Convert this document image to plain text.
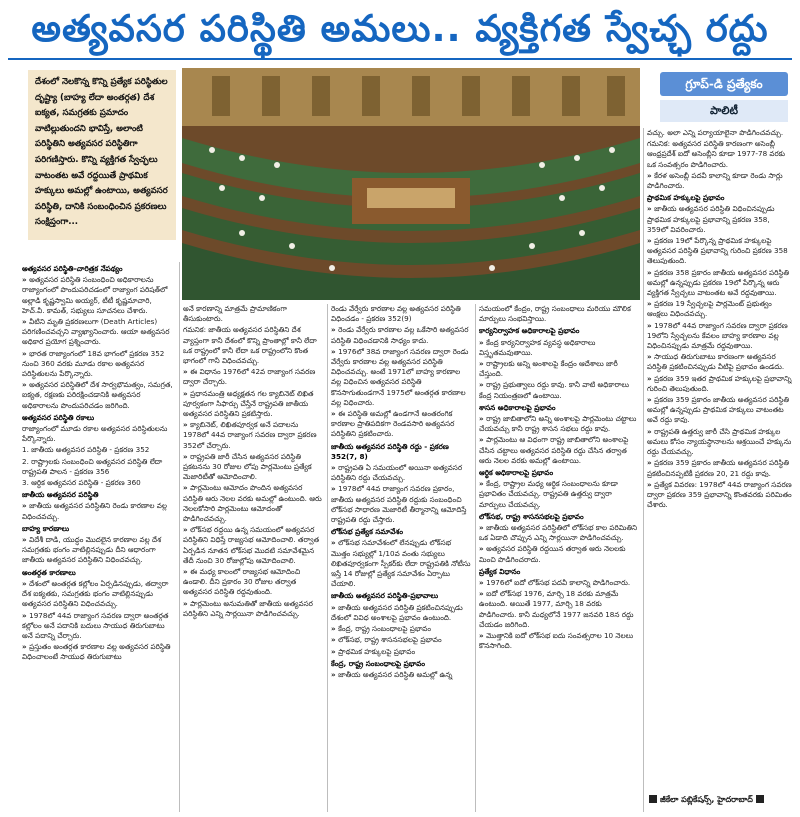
అత్యవసర పరిస్థితి అమలు.. వ్యక్తిగత స్వేచ్ఛ రద్దు
దేశంలో నెలకొన్న కొన్ని ప్రత్యేక పరిస్థితుల దృష్ట్యా (బాహ్య లేదా అంతర్గత) దేశ ఐక్యత, సమగ్రతకు ప్రమాదం వాటిల్లుతుందని భావిస్తే, అలాంటి పరిస్థితిని అత్యవసర పరిస్థితిగా పరిగణిస్తారు. కొన్ని వ్యక్తిగత స్వేచ్ఛలు వాటంతట అవే రద్దయితే ప్రాథమిక హక్కులు అమల్లో ఉంటాయి, అత్యవసర పరిస్థితి, దానికి సంబంధించిన ప్రకరణలు సంక్షిప్తంగా...
గ్రూప్-డి ప్రత్యేకం
పాలిటీ

అత్యవసర పరిస్థితి-చారిత్రక నేపథ్యం

» అత్యవసర పరిస్థితి సంబంధించి అధికారాలను రాజ్యాంగంలో పొందుపరిచడంలో రాజ్యాంగ పరిషత్‌లో అల్లాడి కృష్ణస్వామి అయ్యర్, టీటీ కృష్ణమాచారి, హెచ్.వీ. కామత్, సభ్యులు సూచనలు చేశారు.

» వీటిని మృతి ప్రకరణలుగా (Death Articles) పరిగణించవచ్చని వ్యాఖ్యానించారు. ఆయా అత్యవసర అధికార ప్రయోగ ప్రశ్నించారు.

» భారత రాజ్యాంగంలో 18వ భాగంలో ప్రకరణ 352 నుంచి 360 వరకు మూడు రకాల అత్యవసర పరిస్థితులను పేర్కొన్నారు.

» అత్యవసర పరిస్థితిలో దేశ సార్వభౌమత్వం, సమగ్రత, ఐక్యత, రక్షణకు పరిరక్షించడానికి అత్యవసర అధికారాలను పొందుపరిచడం జరిగింది.

అత్యవసర పరిస్థితి రకాలు

రాజ్యాంగంలో మూడు రకాల అత్యవసర పరిస్థితులను పేర్కొన్నారు.

1. జాతీయ అత్యవసర పరిస్థితి - ప్రకరణ 352

2. రాష్ట్రాలకు సంబంధించి అత్యవసర పరిస్థితి లేదా రాష్ట్రపతి పాలన - ప్రకరణ 356

3. ఆర్థిక అత్యవసర పరిస్థితి - ప్రకరణ 360

జాతీయ అత్యవసర పరిస్థితి

» జాతీయ అత్యవసర పరిస్థితిని రెండు కారణాల వల్ల విధించవచ్చు.

బాహ్య కారణాలు

» విదేశీ దాడి, యుద్ధం మొదలైన కారణాల వల్ల దేశ సమగ్రతకు భంగం వాటిల్లినప్పుడు దీని ఆధారంగా జాతీయ అత్యవసర పరిస్థితిని విధించవచ్చు.

అంతర్గత కారణాలు

» దేశంలో అంతర్గత కల్లోలం ఏర్పడినప్పుడు, తద్వారా దేశ ఐక్యతకు, సమగ్రతకు భంగం వాటిల్లినప్పుడు అత్యవసర పరిస్థితిని విధించవచ్చు.

» 1978లో 44వ రాజ్యాంగ సవరణ ద్వారా అంతర్గత కల్లోలం అనే పదానికి బదులు సాయుధ తిరుగుబాటు అనే పదాన్ని చేర్చారు.

» ప్రస్తుతం అంతర్గత కారణాల వల్ల అత్యవసర పరిస్థితి విధించాలంటే సాయుధ తిరుగుబాటు

అనే కారణాన్ని మాత్రమే ప్రామాణికంగా తీసుకుంటారు.

గమనిక: జాతీయ అత్యవసర పరిస్థితిని దేశ వ్యాప్తంగా కానీ దేశంలో కొన్ని ప్రాంతాల్లో కానీ లేదా ఒక రాష్ట్రంలో కానీ లేదా ఒక రాష్ట్రంలోని కొంత భాగంలో గానీ విధించవచ్చు.

» ఈ విధానం 1976లో 42వ రాజ్యాంగ సవరణ ద్వారా చేర్చారు.

» ప్రధానమంత్రి అధ్యక్షతన గల క్యాబినెట్ లిఖిత పూర్వకంగా సిఫార్సు చేస్తేనే రాష్ట్రపతి జాతీయ అత్యవసర పరిస్థితిని ప్రకటిస్తారు.

» క్యాబినెట్, లిఖితపూర్వక అనే పదాలను 1978లో 44వ రాజ్యాంగ సవరణ ద్వారా ప్రకరణ 352లో చేర్చారు.

» రాష్ట్రపతి జారీ చేసిన అత్యవసర పరిస్థితి ప్రకటనను 30 రోజుల లోపు పార్లమెంటు ప్రత్యేక మెజారిటీతో ఆమోదించాలి.

» పార్లమెంటు ఆమోదం పొందిన అత్యవసర పరిస్థితి ఆరు నెలల వరకు అమల్లో ఉంటుంది. ఆరు నెలలకోసారి పార్లమెంటు ఆమోదంతో పొడిగించవచ్చు.

» లోక్‌సభ రద్దయి ఉన్న సమయంలో అత్యవసర పరిస్థితిని విధిస్తే రాజ్యసభ ఆమోదించాలి. తర్వాత ఏర్పడిన నూతన లోక్‌సభ మొదటి సమావేశమైన తేదీ నుంచి 30 రోజుల్లోపు ఆమోదించాలి.

» ఈ మధ్య కాలంలో రాజ్యసభ ఆమోదించి ఉండాలి. దీని ప్రకారం 30 రోజుల తర్వాత అత్యవసర పరిస్థితి రద్దవుతుంది.

» పార్లమెంటు అనుమతితో జాతీయ అత్యవసర పరిస్థితిని ఎన్ని సార్లయినా పొడిగించవచ్చు.

రెండు వేర్వేరు కారణాల వల్ల అత్యవసర పరిస్థితి విధించడం - ప్రకరణ 352(9)

» రెండు వేర్వేరు కారణాల వల్ల ఒకేసారి అత్యవసర పరిస్థితి విధించడానికి సాధ్యం కాదు.

» 1976లో 38వ రాజ్యాంగ సవరణ ద్వారా రెండు వేర్వేరు కారణాల వల్ల అత్యవసర పరిస్థితి విధించవచ్చు. అంటే 1971లో బాహ్య కారణాల వల్ల విధించిన అత్యవసర పరిస్థితి కొనసాగుతుండగానే 1975లో అంతర్గత కారణాల వల్ల విధించారు.

» ఈ పరిస్థితి అమల్లో ఉండగానే అంతరంగిక కారణాల ప్రాతిపదికగా రెండవసారి అత్యవసర పరిస్థితిని ప్రకటించారు.

జాతీయ అత్యవసర పరిస్థితి రద్దు - ప్రకరణ 352(7, 8)

» రాష్ట్రపతి ఏ సమయంలో అయినా అత్యవసర పరిస్థితిని రద్దు చేయవచ్చు.

» 1978లో 44వ రాజ్యాంగ సవరణ ప్రకారం, జాతీయ అత్యవసర పరిస్థితి రద్దుకు సంబంధించి లోక్‌సభ సాధారణ మెజారిటీ తీర్మానాన్ని ఆమోదిస్తే రాష్ట్రపతి రద్దు చేస్తారు.

లోక్‌సభ ప్రత్యేక సమావేశం

» లోక్‌సభ సమావేశంలో లేనప్పుడు లోక్‌సభ మొత్తం సభ్యుల్లో 1/10వ వంతు సభ్యులు లిఖితపూర్వకంగా స్పీకర్‌కు లేదా రాష్ట్రపతికి నోటీసు ఇస్తే 14 రోజుల్లో ప్రత్యేక సమావేశం ఏర్పాటు చేయాలి.

జాతీయ అత్యవసర పరిస్థితి-ప్రభావాలు

» జాతీయ అత్యవసర పరిస్థితి ప్రకటించినప్పుడు దేశంలో వివిధ అంశాలపై ప్రభావం ఉంటుంది.

» కేంద్ర, రాష్ట్ర సంబంధాలపై ప్రభావం

» లోక్‌సభ, రాష్ట్ర శాసనసభలపై ప్రభావం

» ప్రాథమిక హక్కులపై ప్రభావం

కేంద్ర, రాష్ట్ర సంబంధాలపై ప్రభావం

» జాతీయ అత్యవసర పరిస్థితి అమల్లో ఉన్న

సమయంలో కేంద్రం, రాష్ట్ర సంబంధాలు మరియు మౌలిక మార్పులు సంభవిస్తాయి.

కార్యనిర్వాహక అధికారాలపై ప్రభావం

» కేంద్ర కార్యనిర్వాహక వ్యవస్థ అధికారాలు విస్తృతమవుతాయి.

» రాష్ట్రాలకు అన్ని అంశాలపై కేంద్రం ఆదేశాలు జారీ చేస్తుంది.

» రాష్ట్ర ప్రభుత్వాలు రద్దు కావు. కానీ వాటి అధికారాలు కేంద్ర నియంత్రణలో ఉంటాయి.

శాసన అధికారాలపై ప్రభావం

» రాష్ట్ర జాబితాలోని అన్ని అంశాలపై పార్లమెంటు చట్టాలు చేయవచ్చు కానీ రాష్ట్ర శాసన సభలు రద్దు కావు.

» పార్లమెంటు ఆ విధంగా రాష్ట్ర జాబితాలోని అంశాలపై చేసిన చట్టాలు అత్యవసర పరిస్థితి రద్దు చేసిన తర్వాత ఆరు నెలల వరకు అమల్లో ఉంటాయి.

ఆర్థిక అధికారాలపై ప్రభావం

» కేంద్ర, రాష్ట్రాల మధ్య ఆర్థిక సంబంధాలను కూడా ప్రభావితం చేయవచ్చు. రాష్ట్రపతి ఉత్తర్వు ద్వారా మార్పులు చేయవచ్చు.

లోక్‌సభ, రాష్ట్ర శాసనసభలపై ప్రభావం

» జాతీయ అత్యవసర పరిస్థితిలో లోక్‌సభ కాల పరిమితిని ఒక ఏడాది చొప్పున ఎన్ని సార్లయినా పొడిగించవచ్చు.

» అత్యవసర పరిస్థితి రద్దయిన తర్వాత ఆరు నెలలకు మించి పొడిగించరాదు.

ప్రత్యేక విధానం

» 1976లో ఐదో లోక్‌సభ పదవీ కాలాన్ని పొడిగించారు.

» ఐదో లోక్‌సభ 1976, మార్చి 18 వరకు మాత్రమే ఉంటుంది. అయితే 1977, మార్చి 18 వరకు పొడిగించారు. కానీ మధ్యలోనే 1977 జనవరి 18న రద్దు చేయడం జరిగింది.

» మొత్తానికి ఐదో లోక్‌సభ ఐదు సంవత్సరాల 10 నెలలు కొనసాగింది.

వచ్చు. అలా ఎన్ని పర్యాయాలైనా పొడిగించవచ్చు.

గమనిక: అత్యవసర పరిస్థితి కారణంగా అసెంబ్లీ ఆంధ్రప్రదేశ్ ఐదో అసెంబ్లీని కూడా 1977-78 వరకు ఒక సంవత్సరం పొడిగించారు.

» కేరళ అసెంబ్లీ పదవీ కాలాన్ని కూడా రెండు సార్లు పొడిగించారు.

ప్రాథమిక హక్కులపై ప్రభావం

» జాతీయ అత్యవసర పరిస్థితి విధించినప్పుడు ప్రాథమిక హక్కులపై ప్రభావాన్ని ప్రకరణ 358, 359లో వివరించారు.

» ప్రకరణ 19లో పేర్కొన్న ప్రాథమిక హక్కులపై అత్యవసర పరిస్థితి ప్రభావాన్ని గురించి ప్రకరణ 358 తెలుపుతుంది.

» ప్రకరణ 358 ప్రకారం జాతీయ అత్యవసర పరిస్థితి అమల్లో ఉన్నప్పుడు ప్రకరణ 19లో పేర్కొన్న ఆరు వ్యక్తిగత స్వేచ్ఛలు వాటంతట అవే రద్దవుతాయి.

» ప్రకరణ 19 స్వేచ్ఛలపై పార్లమెంట్ ప్రభుత్వం ఆంక్షలు విధించవచ్చు.

» 1978లో 44వ రాజ్యాంగ సవరణ ద్వారా ప్రకరణ 19లోని స్వేచ్ఛలను కేవలం బాహ్య కారణాల వల్ల విధించినప్పుడు మాత్రమే రద్దవుతాయి.

» సాయుధ తిరుగుబాటు కారణంగా అత్యవసర పరిస్థితి ప్రకటించినప్పుడు వీటిపై ప్రభావం ఉండదు.

» ప్రకరణ 359 ఇతర ప్రాథమిక హక్కులపై ప్రభావాన్ని గురించి తెలుపుతుంది.

» ప్రకరణ 359 ప్రకారం జాతీయ అత్యవసర పరిస్థితి అమల్లో ఉన్నప్పుడు ప్రాథమిక హక్కులు వాటంతట అవే రద్దు కావు.

» రాష్ట్రపతి ఉత్తర్వు జారీ చేసి ప్రాథమిక హక్కుల అమలు కోసం న్యాయస్థానాలను ఆశ్రయించే హక్కును రద్దు చేయవచ్చు.

» ప్రకరణ 359 ప్రకారం జాతీయ అత్యవసర పరిస్థితి ప్రకటించినప్పటికీ ప్రకరణ 20, 21 రద్దు కావు.

» ప్రత్యేక వివరణ: 1978లో 44వ రాజ్యాంగ సవరణ ద్వారా ప్రకరణ 359 ప్రభావాన్ని కొంతవరకు పరిమితం చేశారు.

జీకేలా పబ్లికేషన్స్, హైదరాబాద్
